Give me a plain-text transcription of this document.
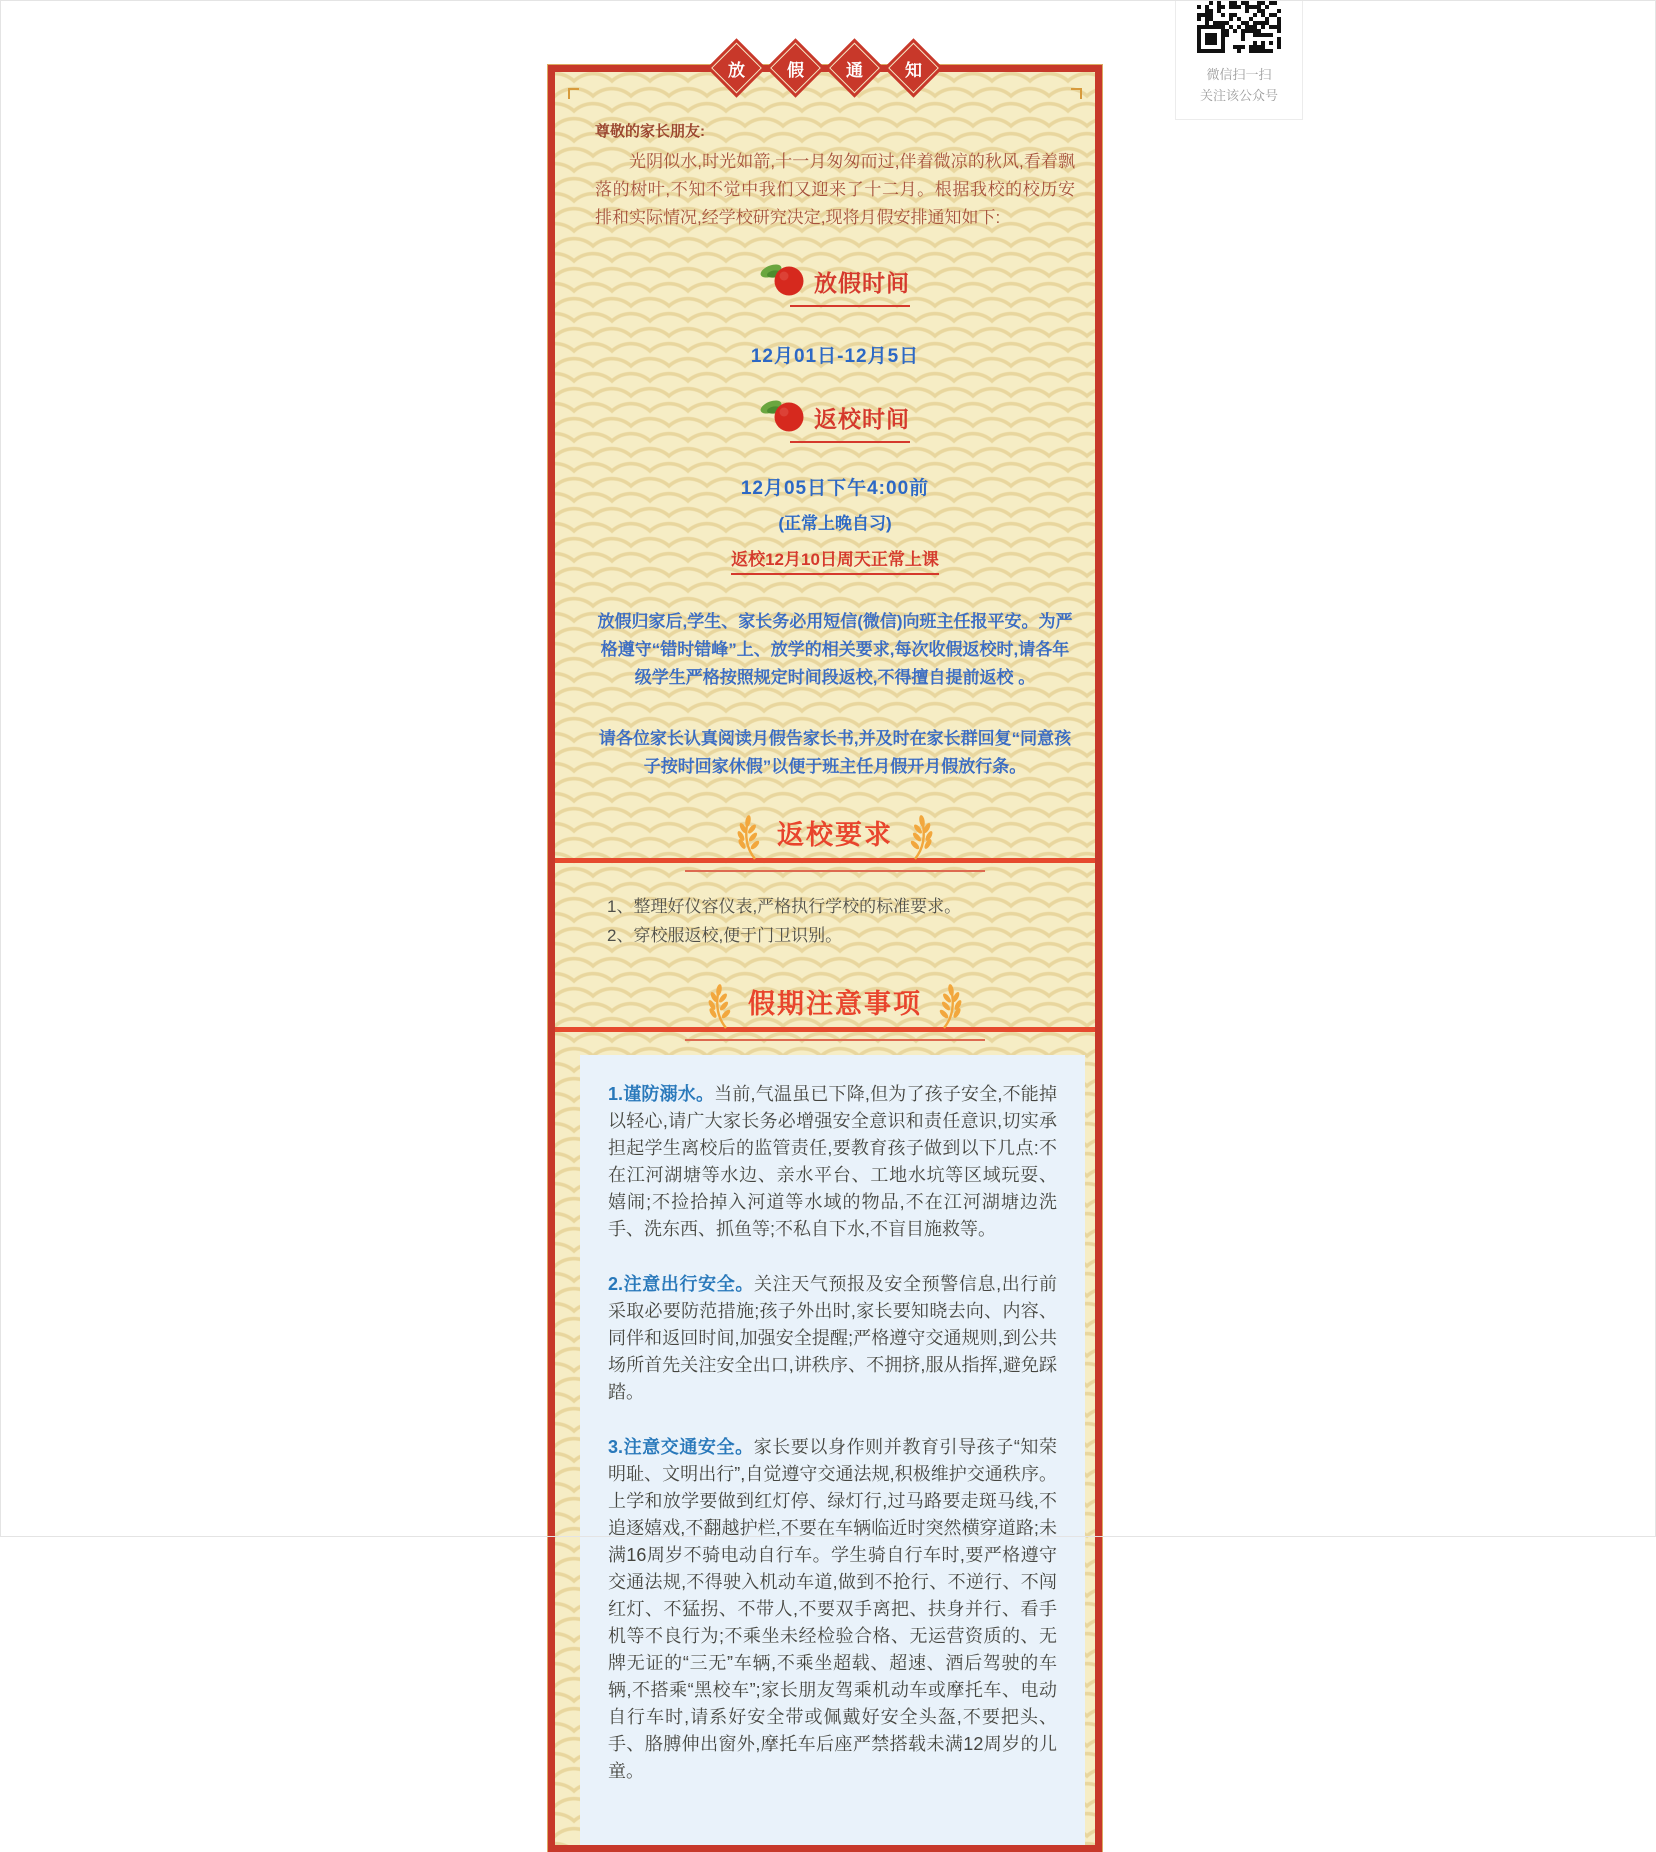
微信扫一扫
关注该公众号
放 假 通 知
尊敬的家长朋友:
光阴似水,时光如箭,十一月匆匆而过,伴着微凉的秋风,看着飘落的树叶,不知不觉中我们又迎来了十二月。根据我校的校历安排和实际情况,经学校研究决定,现将月假安排通知如下:
放假时间
12月01日-12月5日
返校时间
12月05日下午4:00前
(正常上晚自习)
返校12月10日周天正常上课
放假归家后,学生、家长务必用短信(微信)向班主任报平安。为严格遵守“错时错峰”上、放学的相关要求,每次收假返校时,请各年级学生严格按照规定时间段返校,不得擅自提前返校 。
请各位家长认真阅读月假告家长书,并及时在家长群回复“同意孩子按时回家休假”以便于班主任月假开月假放行条。
返校要求
1、整理好仪容仪表,严格执行学校的标准要求。
2、穿校服返校,便于门卫识别。
假期注意事项

1.谨防溺水。当前,气温虽已下降,但为了孩子安全,不能掉以轻心,请广大家长务必增强安全意识和责任意识,切实承担起学生离校后的监管责任,要教育孩子做到以下几点:不在江河湖塘等水边、亲水平台、工地水坑等区域玩耍、嬉闹;不捡拾掉入河道等水域的物品,不在江河湖塘边洗手、洗东西、抓鱼等;不私自下水,不盲目施救等。

2.注意出行安全。关注天气预报及安全预警信息,出行前采取必要防范措施;孩子外出时,家长要知晓去向、内容、同伴和返回时间,加强安全提醒;严格遵守交通规则,到公共场所首先关注安全出口,讲秩序、不拥挤,服从指挥,避免踩踏。

3.注意交通安全。家长要以身作则并教育引导孩子“知荣明耻、文明出行”,自觉遵守交通法规,积极维护交通秩序。上学和放学要做到红灯停、绿灯行,过马路要走斑马线,不追逐嬉戏,不翻越护栏,不要在车辆临近时突然横穿道路;未满16周岁不骑电动自行车。学生骑自行车时,要严格遵守交通法规,不得驶入机动车道,做到不抢行、不逆行、不闯红灯、不猛拐、不带人,不要双手离把、扶身并行、看手机等不良行为;不乘坐未经检验合格、无运营资质的、无牌无证的“三无”车辆,不乘坐超载、超速、酒后驾驶的车辆,不搭乘“黑校车”;家长朋友驾乘机动车或摩托车、电动自行车时,请系好安全带或佩戴好安全头盔,不要把头、手、胳膊伸出窗外,摩托车后座严禁搭载未满12周岁的儿童。
